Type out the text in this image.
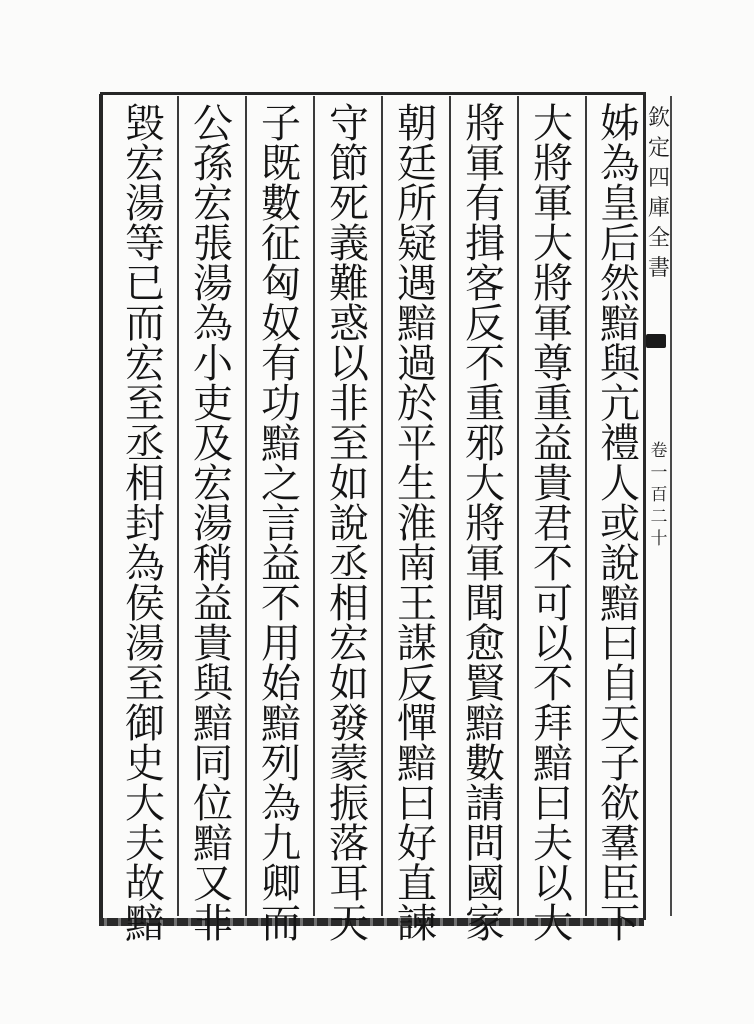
姊
為
皇
后
然
黯
與
亢
禮
人
或
說
黯
曰
自
天
子
欲
羣
臣
下
大
將
軍
大
將
軍
尊
重
益
貴
君
不
可
以
不
拜
黯
曰
夫
以
大
將
軍
有
揖
客
反
不
重
邪
大
將
軍
聞
愈
賢
黯
數
請
問
國
家
朝
廷
所
疑
遇
黯
過
於
平
生
淮
南
王
謀
反
憚
黯
曰
好
直
諫
守
節
死
義
難
惑
以
非
至
如
說
丞
相
宏
如
發
蒙
振
落
耳
天
子
既
數
征
匈
奴
有
功
黯
之
言
益
不
用
始
黯
列
為
九
卿
而
公
孫
宏
張
湯
為
小
吏
及
宏
湯
稍
益
貴
與
黯
同
位
黯
又
非
毀
宏
湯
等
已
而
宏
至
丞
相
封
為
侯
湯
至
御
史
大
夫
故
黯
欽
定
四
庫
全
書
卷
一
百
二
十
